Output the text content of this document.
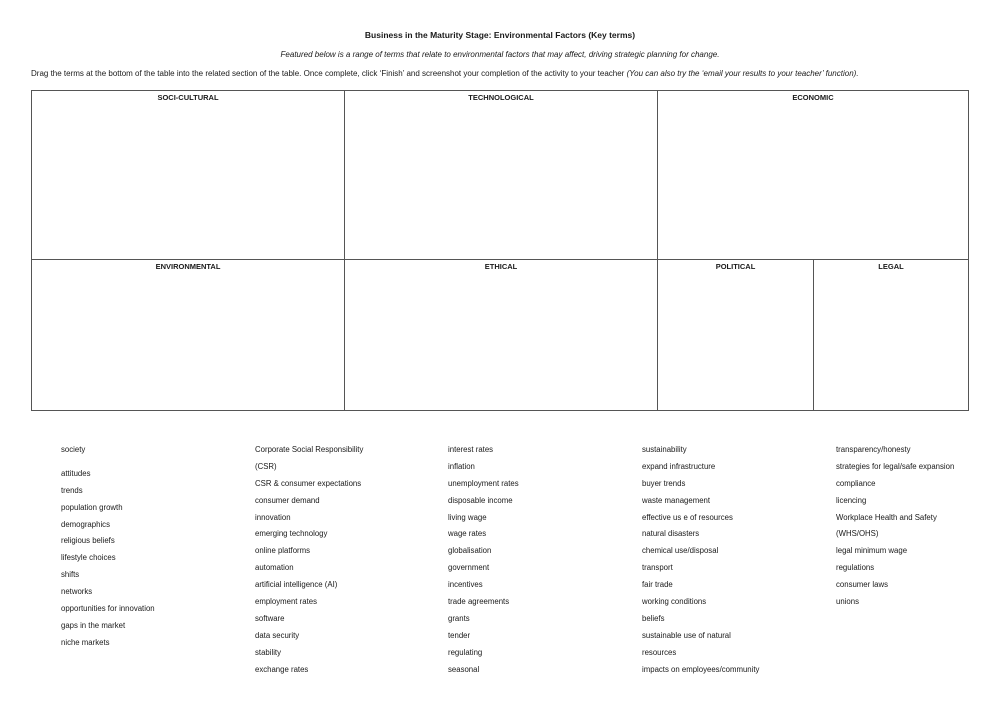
Business in the Maturity Stage: Environmental Factors (Key terms)
Featured below is a range of terms that relate to environmental factors that may affect, driving strategic planning for change.
Drag the terms at the bottom of the table into the related section of the table. Once complete, click ‘Finish’ and screenshot your completion of the activity to your teacher (You can also try the ‘email your results to your teacher’ function).
SOCI-CULTURAL	TECHNOLOGICAL	ECONOMIC
ENVIRONMENTAL	ETHICAL	POLITICAL	LEGAL
society
attitudes
trends
population growth
demographics
religious beliefs
lifestyle choices
shifts
networks
opportunities for innovation
gaps in the market
niche markets
Corporate Social Responsibility
(CSR)
CSR & consumer expectations
consumer demand
innovation
emerging technology
online platforms
automation
artificial intelligence (AI)
employment rates
software
data security
stability
exchange rates
interest rates
inflation
unemployment rates
disposable income
living wage
wage rates
globalisation
government
incentives
trade agreements
grants
tender
regulating
seasonal
sustainability
expand infrastructure
buyer trends
waste management
effective us e of resources
natural disasters
chemical use/disposal
transport
fair trade
working conditions
beliefs
sustainable use of natural
resources
impacts on employees/community
transparency/honesty
strategies for legal/safe expansion
compliance
licencing
Workplace Health and Safety
(WHS/OHS)
legal minimum wage
regulations
consumer laws
unions
